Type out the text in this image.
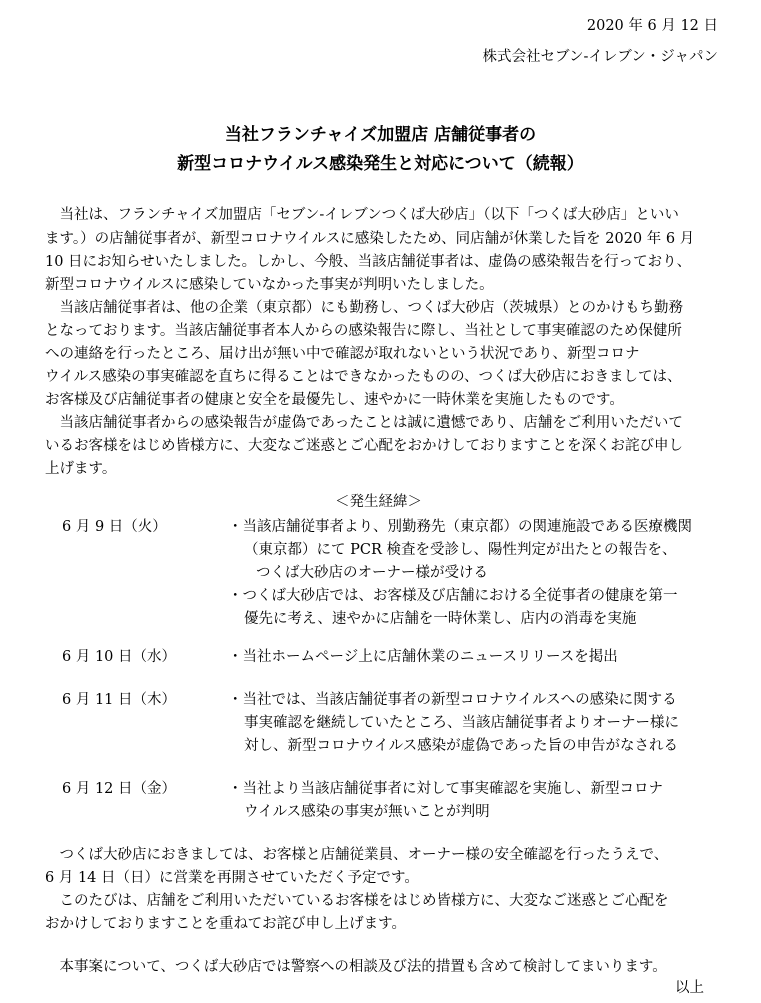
2020 年 6 月 12 日
株式会社セブン‐イレブン・ジャパン
当社フランチャイズ加盟店 店舗従事者の
新型コロナウイルス感染発生と対応について（続報）
　当社は、フランチャイズ加盟店「セブン‐イレブンつくば大砂店」（以下「つくば大砂店」といい
ます。）の店舗従事者が、新型コロナウイルスに感染したため、同店舗が休業した旨を 2020 年 6 月
10 日にお知らせいたしました。しかし、今般、当該店舗従事者は、虚偽の感染報告を行っており、
新型コロナウイルスに感染していなかった事実が判明いたしました。
　当該店舗従事者は、他の企業（東京都）にも勤務し、つくば大砂店（茨城県）とのかけもち勤務
となっております。当該店舗従事者本人からの感染報告に際し、当社として事実確認のため保健所
への連絡を行ったところ、届け出が無い中で確認が取れないという状況であり、新型コロナ
ウイルス感染の事実確認を直ちに得ることはできなかったものの、つくば大砂店におきましては、
お客様及び店舗従事者の健康と安全を最優先し、速やかに一時休業を実施したものです。
　当該店舗従事者からの感染報告が虚偽であったことは誠に遺憾であり、店舗をご利用いただいて
いるお客様をはじめ皆様方に、大変なご迷惑とご心配をおかけしておりますことを深くお詫び申し
上げます。
＜発生経緯＞
6 月 9 日（火）	・当該店舗従事者より、別勤務先（東京都）の関連施設である医療機関
（東京都）にて PCR 検査を受診し、陽性判定が出たとの報告を、
つくば大砂店のオーナー様が受ける
・つくば大砂店では、お客様及び店舗における全従事者の健康を第一
優先に考え、速やかに店舗を一時休業し、店内の消毒を実施
6 月 10 日（水）	・当社ホームページ上に店舗休業のニュースリリースを掲出
6 月 11 日（木）	・当社では、当該店舗従事者の新型コロナウイルスへの感染に関する
事実確認を継続していたところ、当該店舗従事者よりオーナー様に
対し、新型コロナウイルス感染が虚偽であった旨の申告がなされる
6 月 12 日（金）	・当社より当該店舗従事者に対して事実確認を実施し、新型コロナ
ウイルス感染の事実が無いことが判明
　つくば大砂店におきましては、お客様と店舗従業員、オーナー様の安全確認を行ったうえで、
6 月 14 日（日）に営業を再開させていただく予定です。
　このたびは、店舗をご利用いただいているお客様をはじめ皆様方に、大変なご迷惑とご心配を
おかけしておりますことを重ねてお詫び申し上げます。
　本事案について、つくば大砂店では警察への相談及び法的措置も含めて検討してまいります。
以上
